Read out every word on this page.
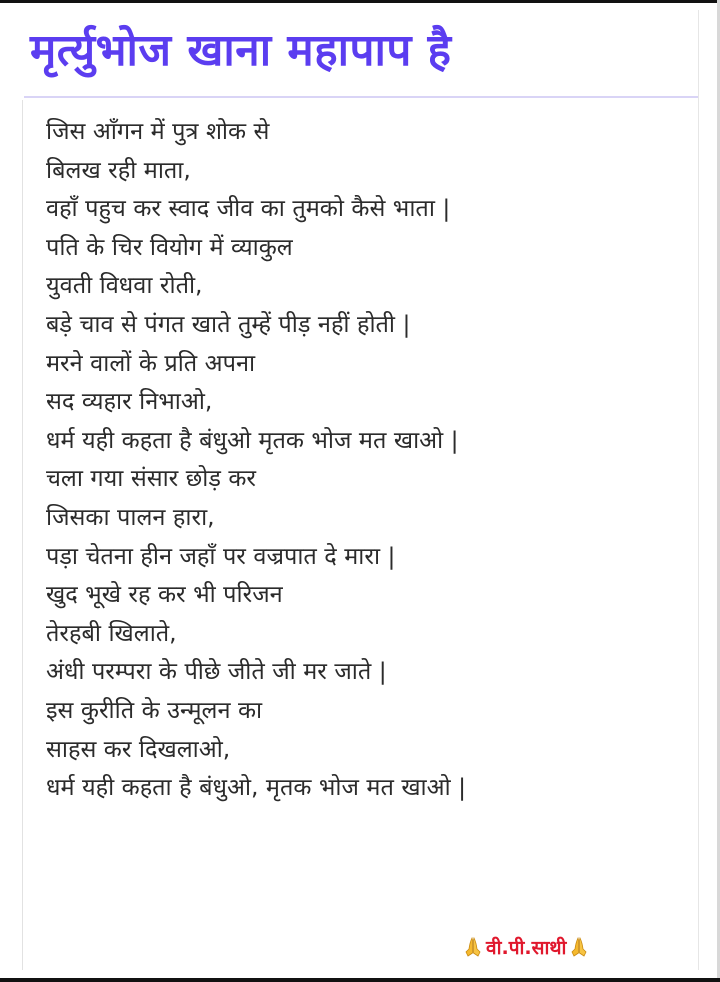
मृर्त्युभोज खाना महापाप है
जिस आँगन में पुत्र शोक से
बिलख रही माता,
वहाँ पहुच कर स्वाद जीव का तुमको कैसे भाता |
पति के चिर वियोग में व्याकुल
युवती विधवा रोती,
बड़े चाव से पंगत खाते तुम्हें पीड़ नहीं होती |
मरने वालों के प्रति अपना
सद व्यहार निभाओ,
धर्म यही कहता है बंधुओ मृतक भोज मत खाओ |
चला गया संसार छोड़ कर
जिसका पालन हारा,
पड़ा चेतना हीन जहाँ पर वज्रपात दे मारा |
खुद भूखे रह कर भी परिजन
तेरहबी खिलाते,
अंधी परम्परा के पीछे जीते जी मर जाते |
इस कुरीति के उन्मूलन का
साहस कर दिखलाओ,
धर्म यही कहता है बंधुओ, मृतक भोज मत खाओ |
वी.पी.साथी
